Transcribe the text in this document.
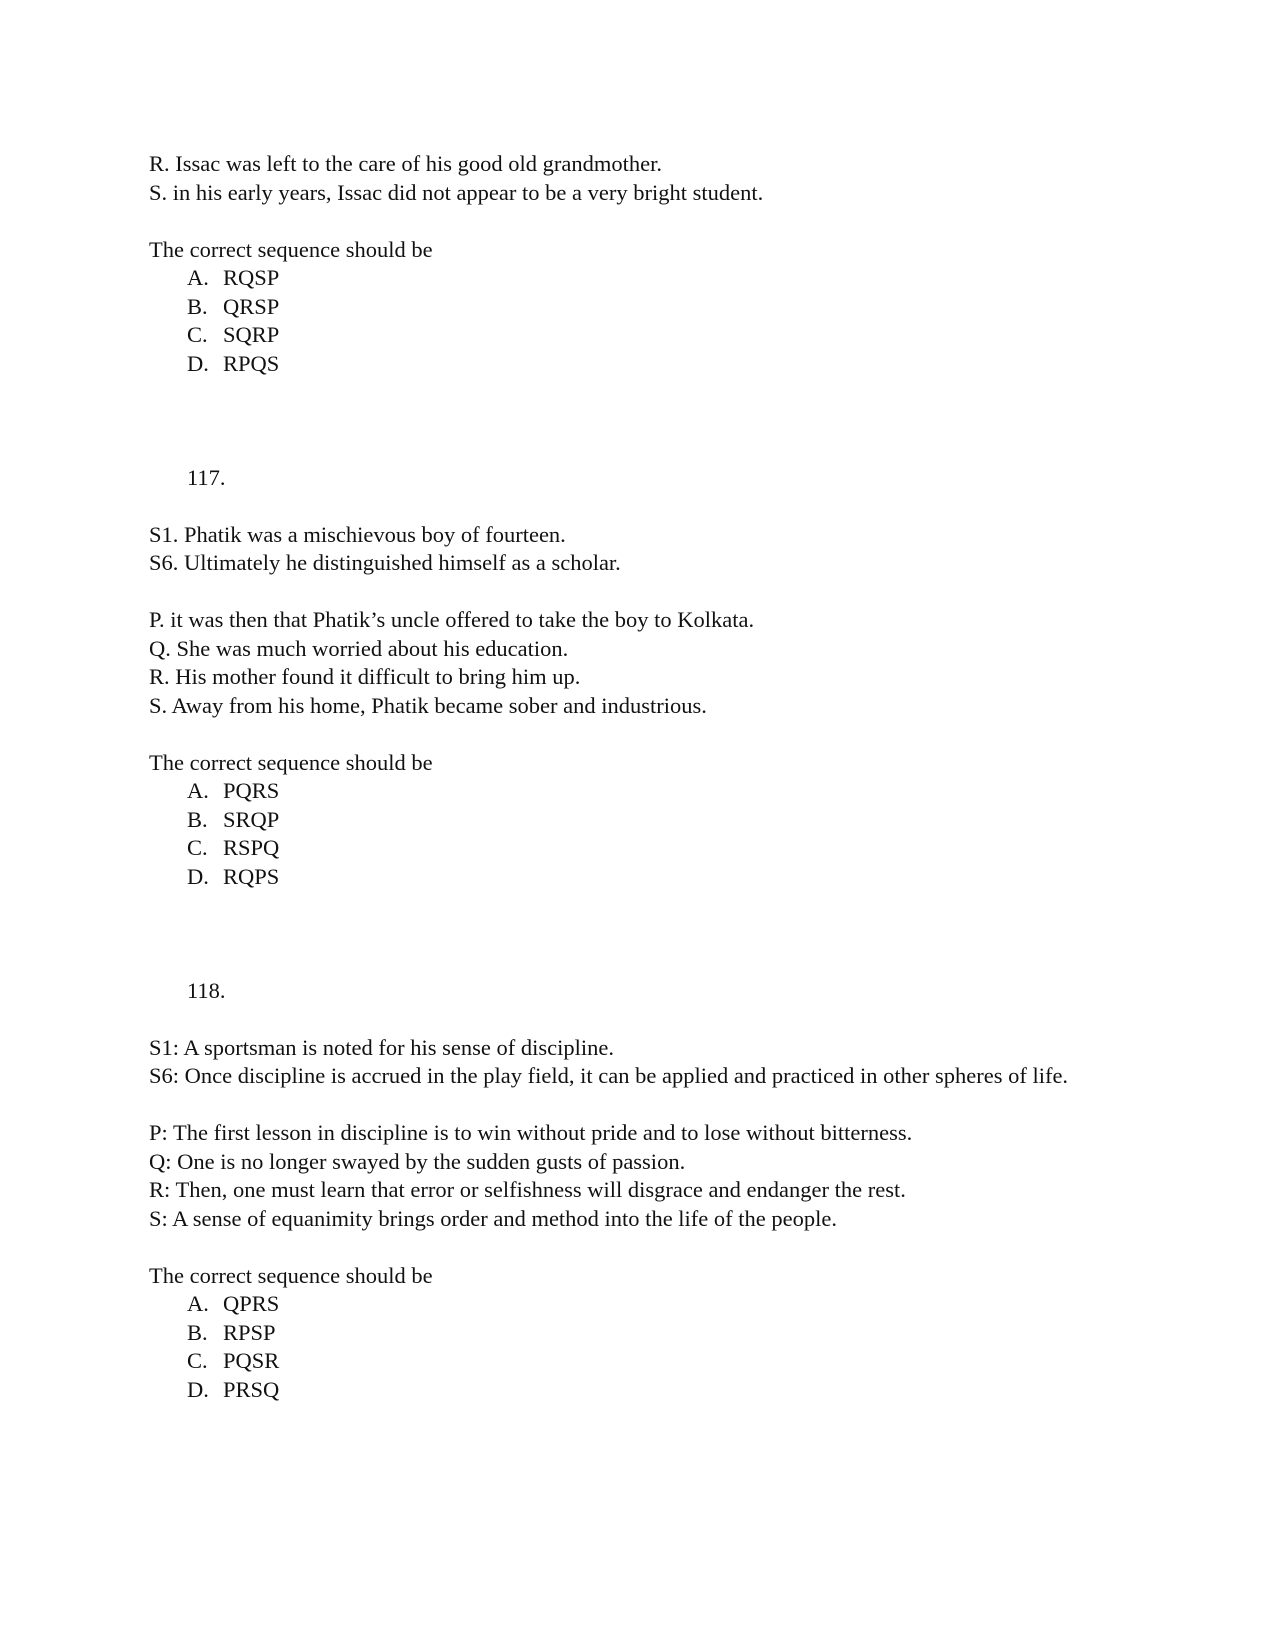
R. Issac was left to the care of his good old grandmother.
S. in his early years, Issac did not appear to be a very bright student.
The correct sequence should be
A. RQSP
B. QRSP
C. SQRP
D. RPQS
117.
S1. Phatik was a mischievous boy of fourteen.
S6. Ultimately he distinguished himself as a scholar.
P. it was then that Phatik’s uncle offered to take the boy to Kolkata.
Q. She was much worried about his education.
R. His mother found it difficult to bring him up.
S. Away from his home, Phatik became sober and industrious.
The correct sequence should be
A. PQRS
B. SRQP
C. RSPQ
D. RQPS
118.
S1: A sportsman is noted for his sense of discipline.
S6: Once discipline is accrued in the play field, it can be applied and practiced in other spheres of life.
P: The first lesson in discipline is to win without pride and to lose without bitterness.
Q: One is no longer swayed by the sudden gusts of passion.
R: Then, one must learn that error or selfishness will disgrace and endanger the rest.
S: A sense of equanimity brings order and method into the life of the people.
The correct sequence should be
A. QPRS
B. RPSP
C. PQSR
D. PRSQ
